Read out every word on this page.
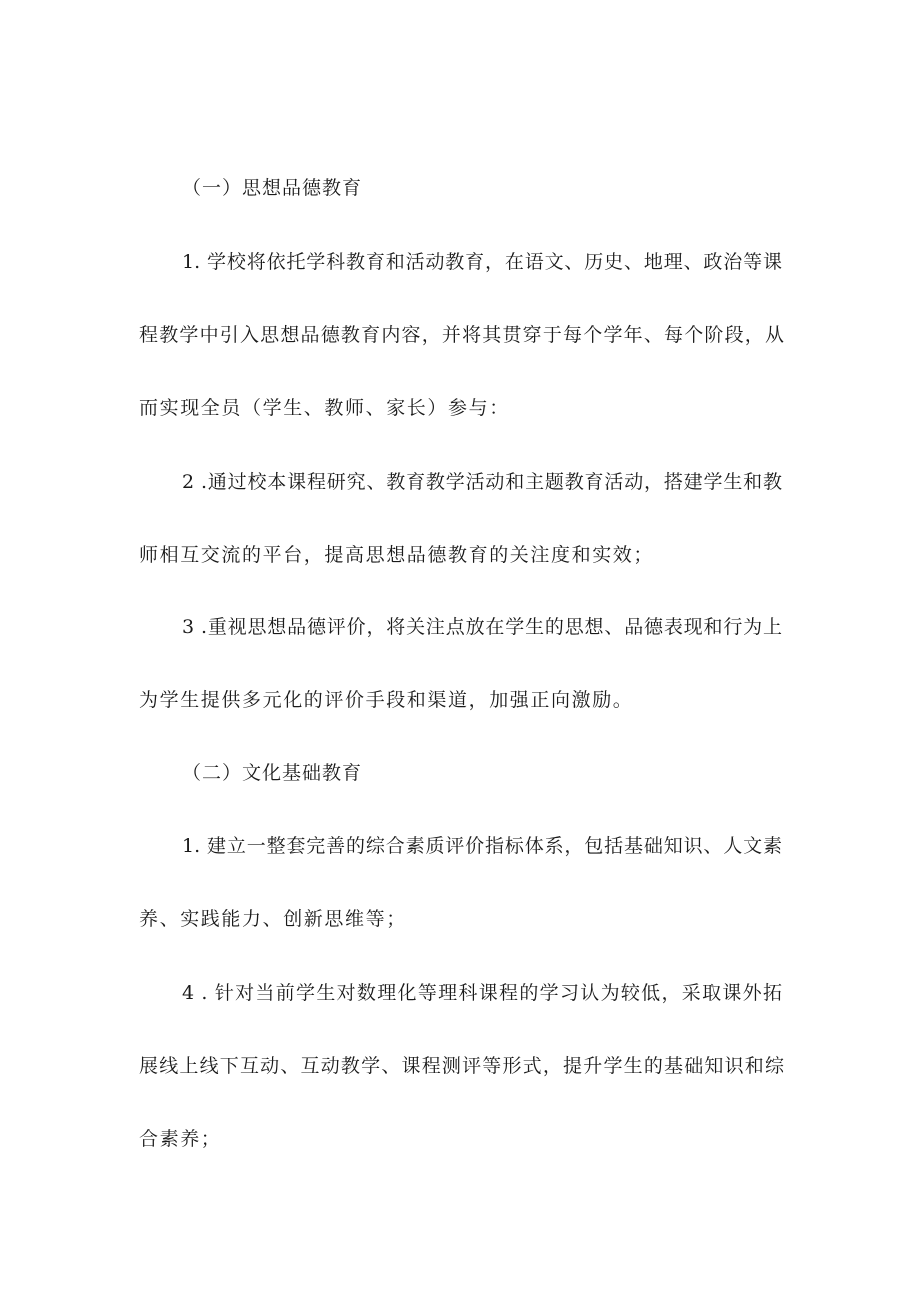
（一）思想品德教育
1. 学校将依托学科教育和活动教育，在语文、历史、地理、政治等课
程教学中引入思想品德教育内容，并将其贯穿于每个学年、每个阶段，从
而实现全员（学生、教师、家长）参与：
2 .通过校本课程研究、教育教学活动和主题教育活动，搭建学生和教
师相互交流的平台，提高思想品德教育的关注度和实效；
3 .重视思想品德评价，将关注点放在学生的思想、品德表现和行为上
为学生提供多元化的评价手段和渠道，加强正向激励。
（二）文化基础教育
1. 建立一整套完善的综合素质评价指标体系，包括基础知识、人文素
养、实践能力、创新思维等；
4 . 针对当前学生对数理化等理科课程的学习认为较低，采取课外拓
展线上线下互动、互动教学、课程测评等形式，提升学生的基础知识和综
合素养；
